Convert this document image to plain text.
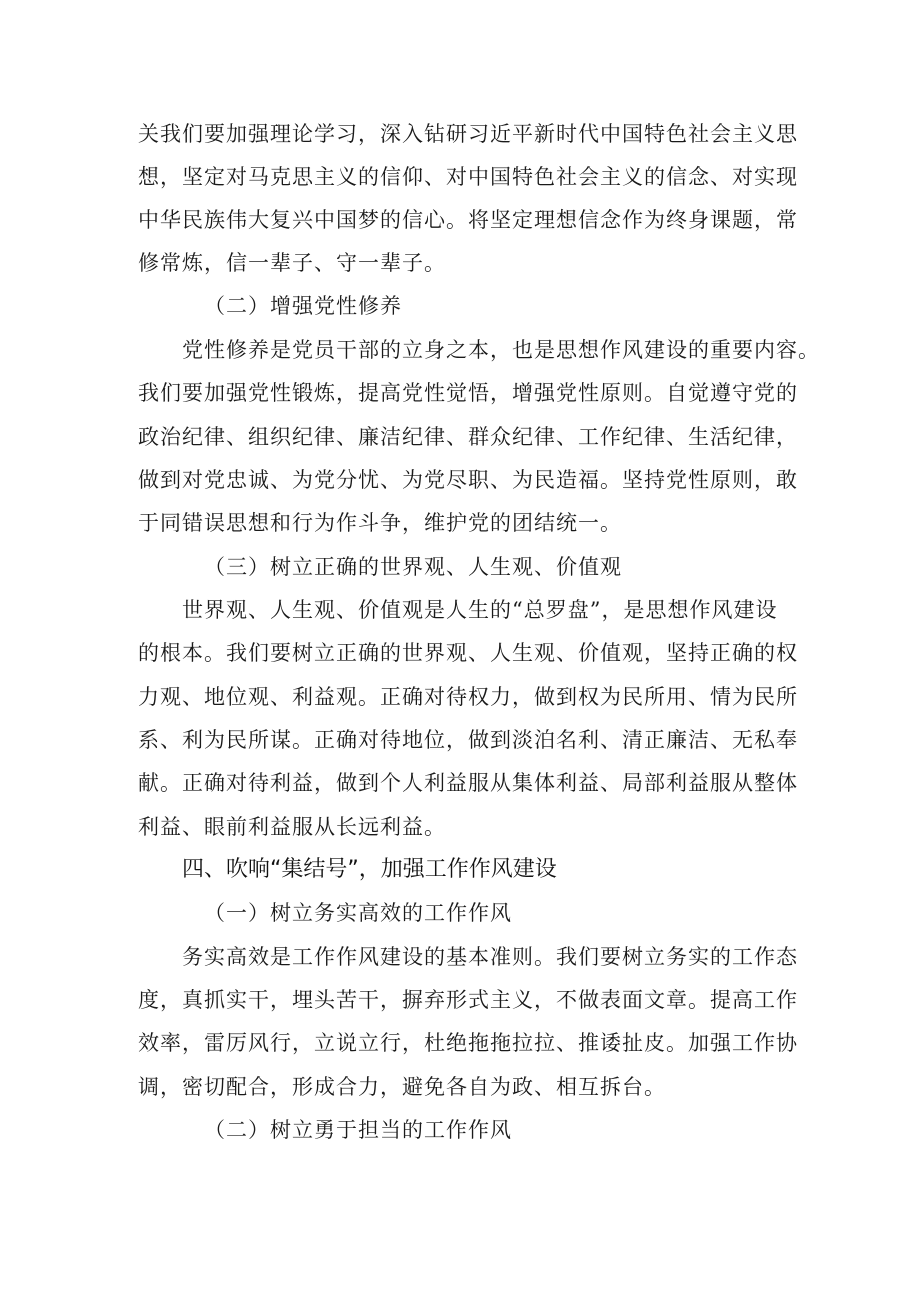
关我们要加强理论学习，深入钻研习近平新时代中国特色社会主义思
想，坚定对马克思主义的信仰、对中国特色社会主义的信念、对实现
中华民族伟大复兴中国梦的信心。将坚定理想信念作为终身课题，常
修常炼，信一辈子、守一辈子。
（二）增强党性修养
党性修养是党员干部的立身之本，也是思想作风建设的重要内容。
我们要加强党性锻炼，提高党性觉悟，增强党性原则。自觉遵守党的
政治纪律、组织纪律、廉洁纪律、群众纪律、工作纪律、生活纪律，
做到对党忠诚、为党分忧、为党尽职、为民造福。坚持党性原则，敢
于同错误思想和行为作斗争，维护党的团结统一。
（三）树立正确的世界观、人生观、价值观
世界观、人生观、价值观是人生的“总罗盘”，是思想作风建设
的根本。我们要树立正确的世界观、人生观、价值观，坚持正确的权
力观、地位观、利益观。正确对待权力，做到权为民所用、情为民所
系、利为民所谋。正确对待地位，做到淡泊名利、清正廉洁、无私奉
献。正确对待利益，做到个人利益服从集体利益、局部利益服从整体
利益、眼前利益服从长远利益。
四、吹响“集结号”，加强工作作风建设
（一）树立务实高效的工作作风
务实高效是工作作风建设的基本准则。我们要树立务实的工作态
度，真抓实干，埋头苦干，摒弃形式主义，不做表面文章。提高工作
效率，雷厉风行，立说立行，杜绝拖拖拉拉、推诿扯皮。加强工作协
调，密切配合，形成合力，避免各自为政、相互拆台。
（二）树立勇于担当的工作作风
